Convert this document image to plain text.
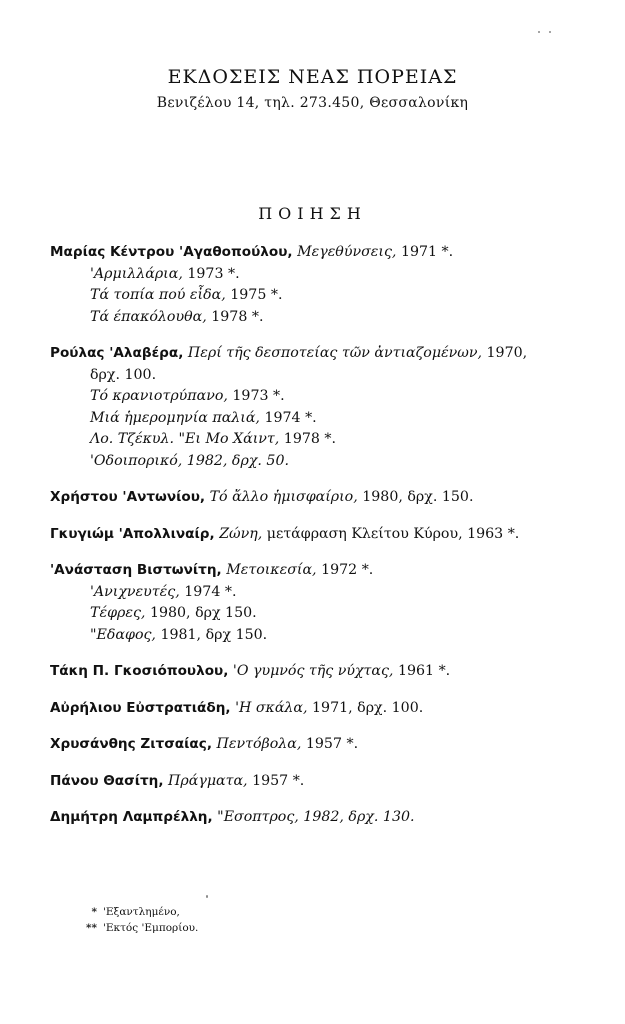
ΕΚΔΟΣΕΙΣ ΝΕΑΣ ΠΟΡΕΙΑΣ
Βενιζέλου 14, τηλ. 273.450, Θεσσαλονίκη
ΠΟΙΗΣΗ
Μαρίας Κέντρου 'Αγαθοπούλου, Μεγεθύνσεις, 1971 *.
'Αρμιλλάρια, 1973 *.
Τά τοπία πού εἶδα, 1975 *.
Τά έπακόλουθα, 1978 *.
Ρούλας 'Αλαβέρα, Περί τῆς δεσποτείας τῶν ἀντιαζομένων, 1970,
δρχ. 100.
Τό κρανιοτρύπανο, 1973 *.
Μιά ἡμερομηνία παλιά, 1974 *.
Λο. Τζέκυλ. "Ει Μο Χάιντ, 1978 *.
'Οδοιπορικό, 1982, δρχ. 50.
Χρήστου 'Αντωνίου, Τό ἄλλο ἡμισφαίριο, 1980, δρχ. 150.
Γκυγιώμ 'Απολλιναίρ, Ζώνη, μετάφραση Κλείτου Κύρου, 1963 *.
'Ανάσταση Βιστωνίτη, Μετοικεσία, 1972 *.
'Ανιχνευτές, 1974 *.
Τέφρες, 1980, δρχ 150.
"Εδαφος, 1981, δρχ 150.
Τάκη Π. Γκοσιόπουλου, 'Ο γυμνός τῆς νύχτας, 1961 *.
Αὐρήλιου Εὐστρατιάδη, 'Η σκάλα, 1971, δρχ. 100.
Χρυσάνθης Ζιτσαίας, Πεντόβολα, 1957 *.
Πάνου Θασίτη, Πράγματα, 1957 *.
Δημήτρη Λαμπρέλλη, "Εσοπτρος, 1982, δρχ. 130.
* 'Εξαντλημένο,
** 'Εκτός 'Εμπορίου.
